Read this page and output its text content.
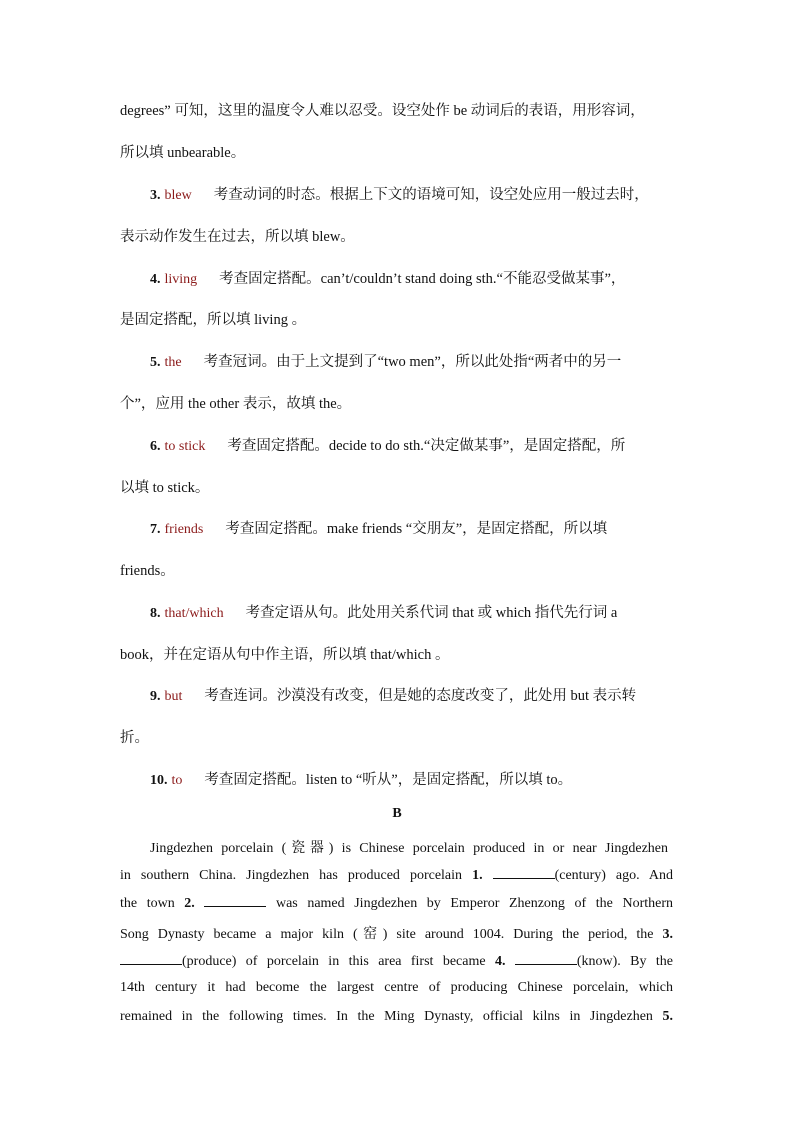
degrees” 可知，这里的温度令人难以忍受。设空处作 be 动词后的表语，用形容词，
所以填 unbearable。
3. blew 考查动词的时态。根据上下文的语境可知，设空处应用一般过去时，
表示动作发生在过去，所以填 blew。
4. living 考查固定搭配。can’t/couldn’t stand doing sth.“不能忍受做某事”，
是固定搭配，所以填 living 。
5. the 考查冠词。由于上文提到了“two men”，所以此处指“两者中的另一
个”，应用 the other 表示，故填 the。
6. to stick 考查固定搭配。decide to do sth.“决定做某事”，是固定搭配，所
以填 to stick。
7. friends 考查固定搭配。make friends “交朋友”，是固定搭配，所以填
friends。
8. that/which 考查定语从句。此处用关系代词 that 或 which 指代先行词 a
book，并在定语从句中作主语，所以填 that/which 。
9. but 考查连词。沙漠没有改变，但是她的态度改变了，此处用 but 表示转
折。
10. to 考查固定搭配。listen to “听从”，是固定搭配，所以填 to。
B
Jingdezhen porcelain (瓷器) is Chinese porcelain produced in or near Jingdezhen
in southern China. Jingdezhen has produced porcelain 1.	(century) ago. And
the town 2.	was named Jingdezhen by Emperor Zhenzong of the Northern
Song Dynasty became a major kiln (窑) site around 1004. During the period, the 3.
(produce) of porcelain in this area first became 4.	(know). By the
14th century it had become the largest centre of producing Chinese porcelain, which
remained in the following times. In the Ming Dynasty, official kilns in Jingdezhen 5.
